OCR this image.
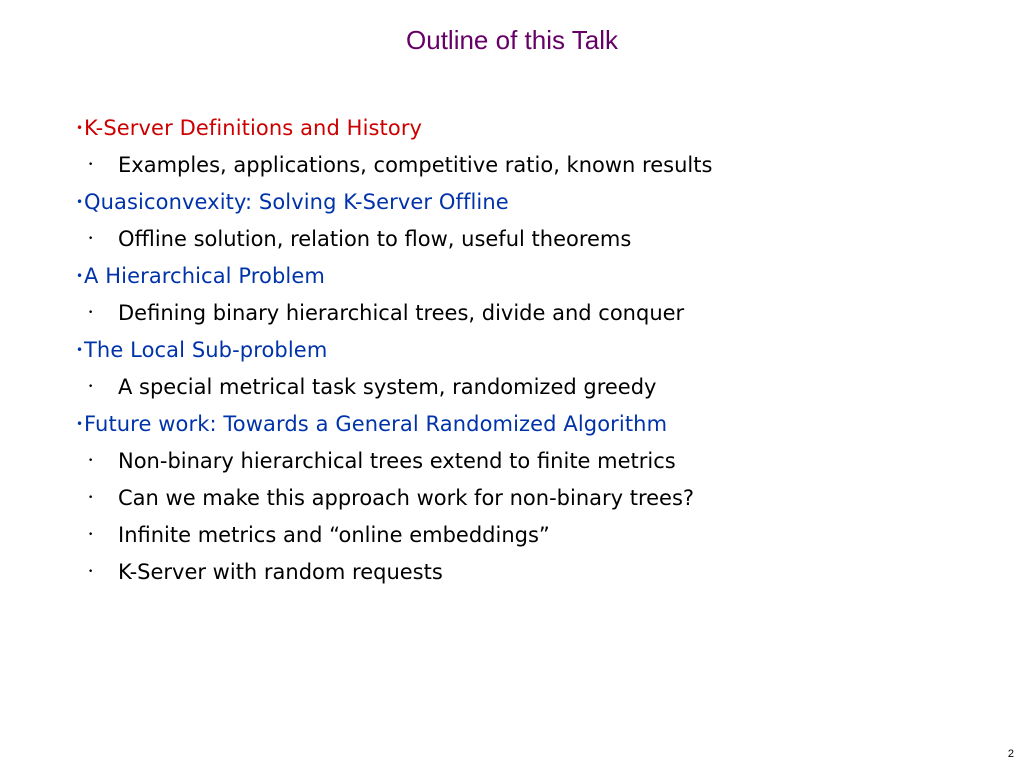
Outline of this Talk
•K-Server Definitions and History
• Examples, applications, competitive ratio, known results
•Quasiconvexity: Solving K-Server Offline
• Offline solution, relation to flow, useful theorems
•A Hierarchical Problem
• Defining binary hierarchical trees, divide and conquer
•The Local Sub-problem
• A special metrical task system, randomized greedy
•Future work: Towards a General Randomized Algorithm
• Non-binary hierarchical trees extend to finite metrics
• Can we make this approach work for non-binary trees?
• Infinite metrics and “online embeddings”
• K-Server with random requests
2
